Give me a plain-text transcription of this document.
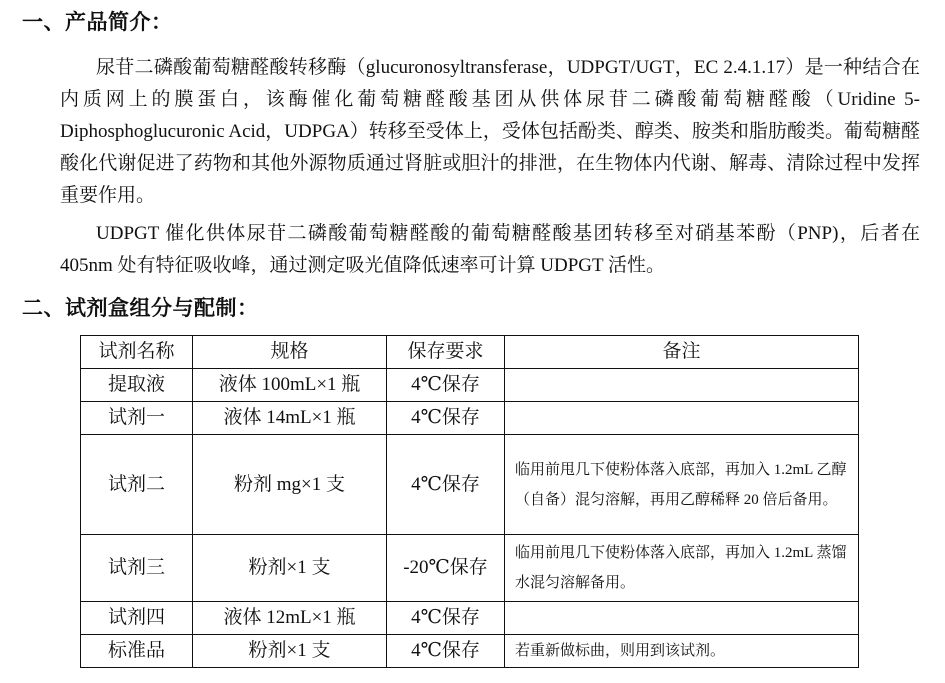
一、产品简介：

尿苷二磷酸葡萄糖醛酸转移酶（glucuronosyltransferase，UDPGT/UGT，EC 2.4.1.17）是一种结合在内质网上的膜蛋白，该酶催化葡萄糖醛酸基团从供体尿苷二磷酸葡萄糖醛酸（Uridine 5-Diphosphoglucuronic Acid，UDPGA）转移至受体上，受体包括酚类、醇类、胺类和脂肪酸类。葡萄糖醛酸化代谢促进了药物和其他外源物质通过肾脏或胆汁的排泄，在生物体内代谢、解毒、清除过程中发挥重要作用。

UDPGT 催化供体尿苷二磷酸葡萄糖醛酸的葡萄糖醛酸基团转移至对硝基苯酚（PNP)，后者在 405nm 处有特征吸收峰，通过测定吸光值降低速率可计算 UDPGT 活性。

二、试剂盒组分与配制：
试剂名称	规格	保存要求	备注
提取液	液体 100mL×1 瓶	4℃保存	
试剂一	液体 14mL×1 瓶	4℃保存	
试剂二	粉剂 mg×1 支	4℃保存	临用前甩几下使粉体落入底部，再加入 1.2mL 乙醇（自备）混匀溶解，再用乙醇稀释 20 倍后备用。
试剂三	粉剂×1 支	-20℃保存	临用前甩几下使粉体落入底部，再加入 1.2mL 蒸馏水混匀溶解备用。
试剂四	液体 12mL×1 瓶	4℃保存	
标准品	粉剂×1 支	4℃保存	若重新做标曲，则用到该试剂。
